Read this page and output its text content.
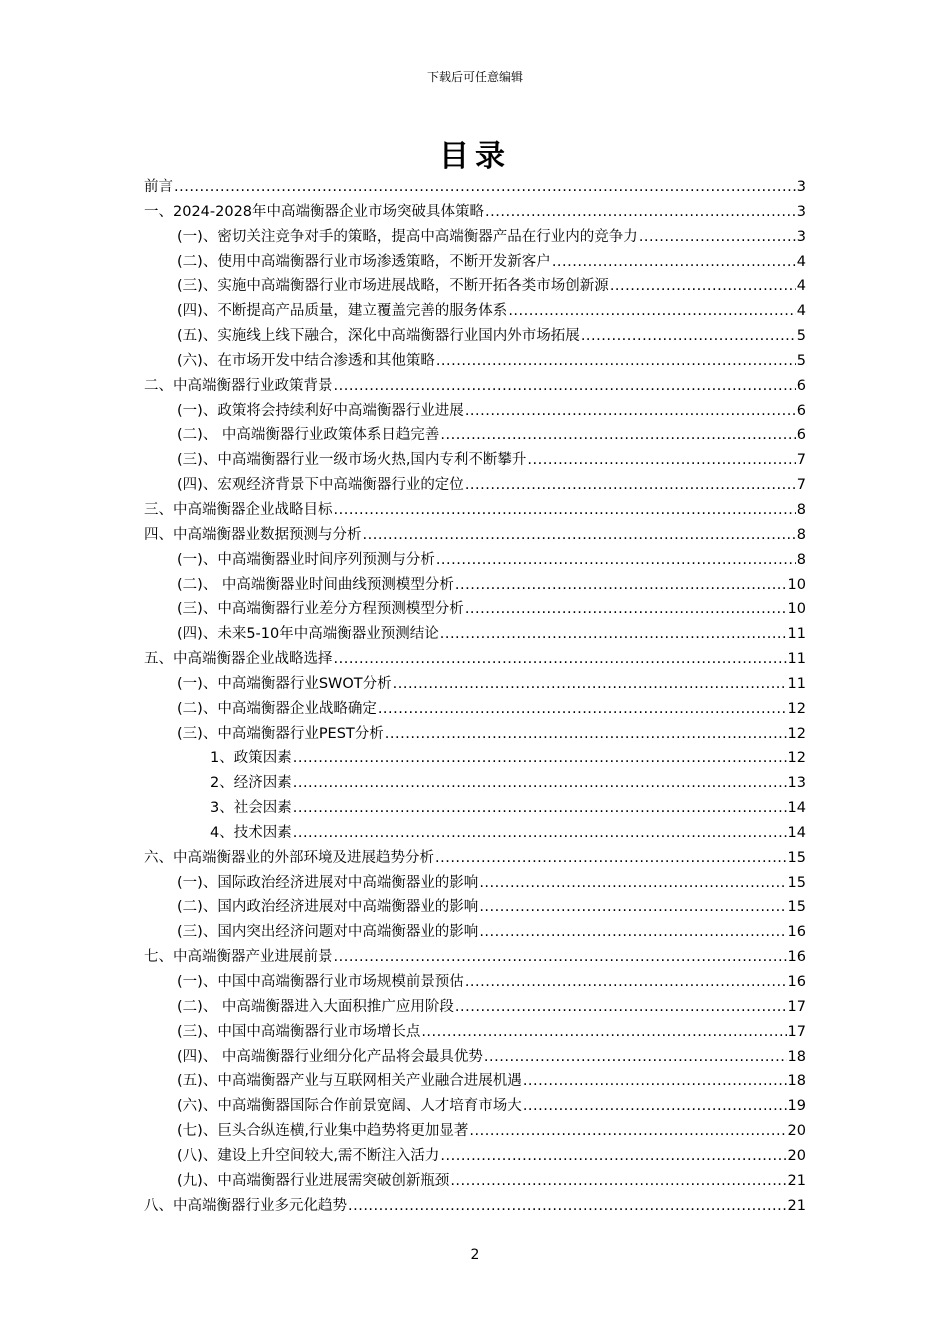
下载后可任意编辑
目录
前言 .....	3
一、2024-2028年中高端衡器企业市场突破具体策略 .....	3
(一)、密切关注竞争对手的策略，提高中高端衡器产品在行业内的竞争力 .....	3
(二)、使用中高端衡器行业市场渗透策略，不断开发新客户 .....	4
(三)、实施中高端衡器行业市场进展战略，不断开拓各类市场创新源 .....	4
(四)、不断提高产品质量，建立覆盖完善的服务体系 .....	4
(五)、实施线上线下融合，深化中高端衡器行业国内外市场拓展 .....	5
(六)、在市场开发中结合渗透和其他策略 .....	5
二、中高端衡器行业政策背景 .....	6
(一)、政策将会持续利好中高端衡器行业进展 .....	6
(二)、 中高端衡器行业政策体系日趋完善 .....	6
(三)、中高端衡器行业一级市场火热,国内专利不断攀升 .....	7
(四)、宏观经济背景下中高端衡器行业的定位 .....	7
三、中高端衡器企业战略目标 .....	8
四、中高端衡器业数据预测与分析 .....	8
(一)、中高端衡器业时间序列预测与分析 .....	8
(二)、 中高端衡器业时间曲线预测模型分析 .....	10
(三)、中高端衡器行业差分方程预测模型分析 .....	10
(四)、未来5-10年中高端衡器业预测结论 .....	11
五、中高端衡器企业战略选择 .....	11
(一)、中高端衡器行业SWOT分析 .....	11
(二)、中高端衡器企业战略确定 .....	12
(三)、中高端衡器行业PEST分析 .....	12
1、政策因素 .....	12
2、经济因素 .....	13
3、社会因素 .....	14
4、技术因素 .....	14
六、中高端衡器业的外部环境及进展趋势分析 .....	15
(一)、国际政治经济进展对中高端衡器业的影响 .....	15
(二)、国内政治经济进展对中高端衡器业的影响 .....	15
(三)、国内突出经济问题对中高端衡器业的影响 .....	16
七、中高端衡器产业进展前景 .....	16
(一)、中国中高端衡器行业市场规模前景预估 .....	16
(二)、 中高端衡器进入大面积推广应用阶段 .....	17
(三)、中国中高端衡器行业市场增长点 .....	17
(四)、 中高端衡器行业细分化产品将会最具优势 .....	18
(五)、中高端衡器产业与互联网相关产业融合进展机遇 .....	18
(六)、中高端衡器国际合作前景宽阔、人才培育市场大 .....	19
(七)、巨头合纵连横,行业集中趋势将更加显著 .....	20
(八)、建设上升空间较大,需不断注入活力 .....	20
(九)、中高端衡器行业进展需突破创新瓶颈 .....	21
八、中高端衡器行业多元化趋势 .....	21
2
